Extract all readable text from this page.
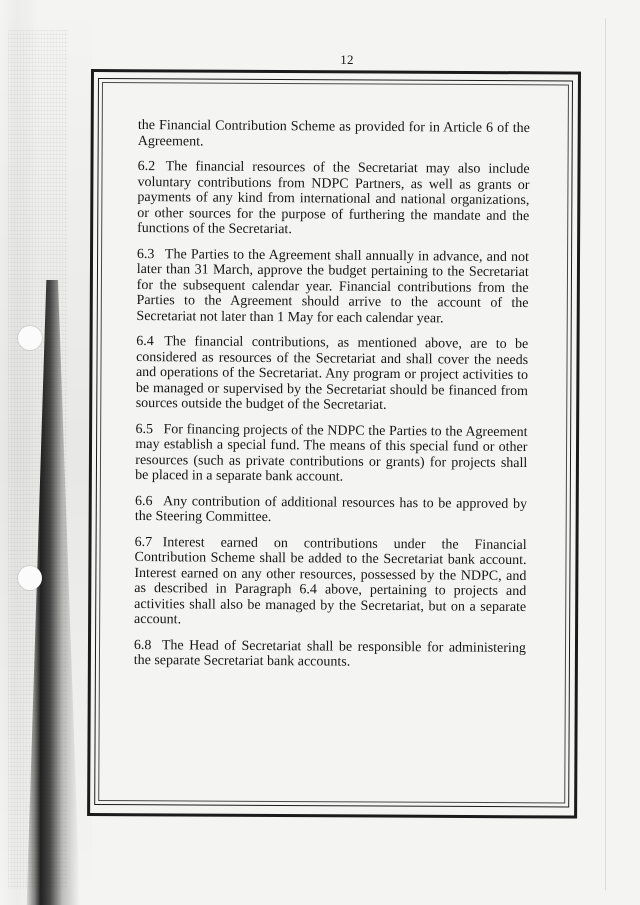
12

the Financial Contribution Scheme as provided for in Article 6 of the Agreement.

6.2 The financial resources of the Secretariat may also include voluntary contributions from NDPC Partners, as well as grants or payments of any kind from international and national organizations, or other sources for the purpose of furthering the mandate and the functions of the Secretariat.

6.3 The Parties to the Agreement shall annually in advance, and not later than 31 March, approve the budget pertaining to the Secretariat for the subsequent calendar year. Financial contributions from the Parties to the Agreement should arrive to the account of the Secretariat not later than 1 May for each calendar year.

6.4 The financial contributions, as mentioned above, are to be considered as resources of the Secretariat and shall cover the needs and operations of the Secretariat. Any program or project activities to be managed or supervised by the Secretariat should be financed from sources outside the budget of the Secretariat.

6.5 For financing projects of the NDPC the Parties to the Agreement may establish a special fund. The means of this special fund or other resources (such as private contributions or grants) for projects shall be placed in a separate bank account.

6.6 Any contribution of additional resources has to be approved by the Steering Committee.

6.7 Interest earned on contributions under the Financial Contribution Scheme shall be added to the Secretariat bank account. Interest earned on any other resources, possessed by the NDPC, and as described in Paragraph 6.4 above, pertaining to projects and activities shall also be managed by the Secretariat, but on a separate account.

6.8 The Head of Secretariat shall be responsible for administering the separate Secretariat bank accounts.
